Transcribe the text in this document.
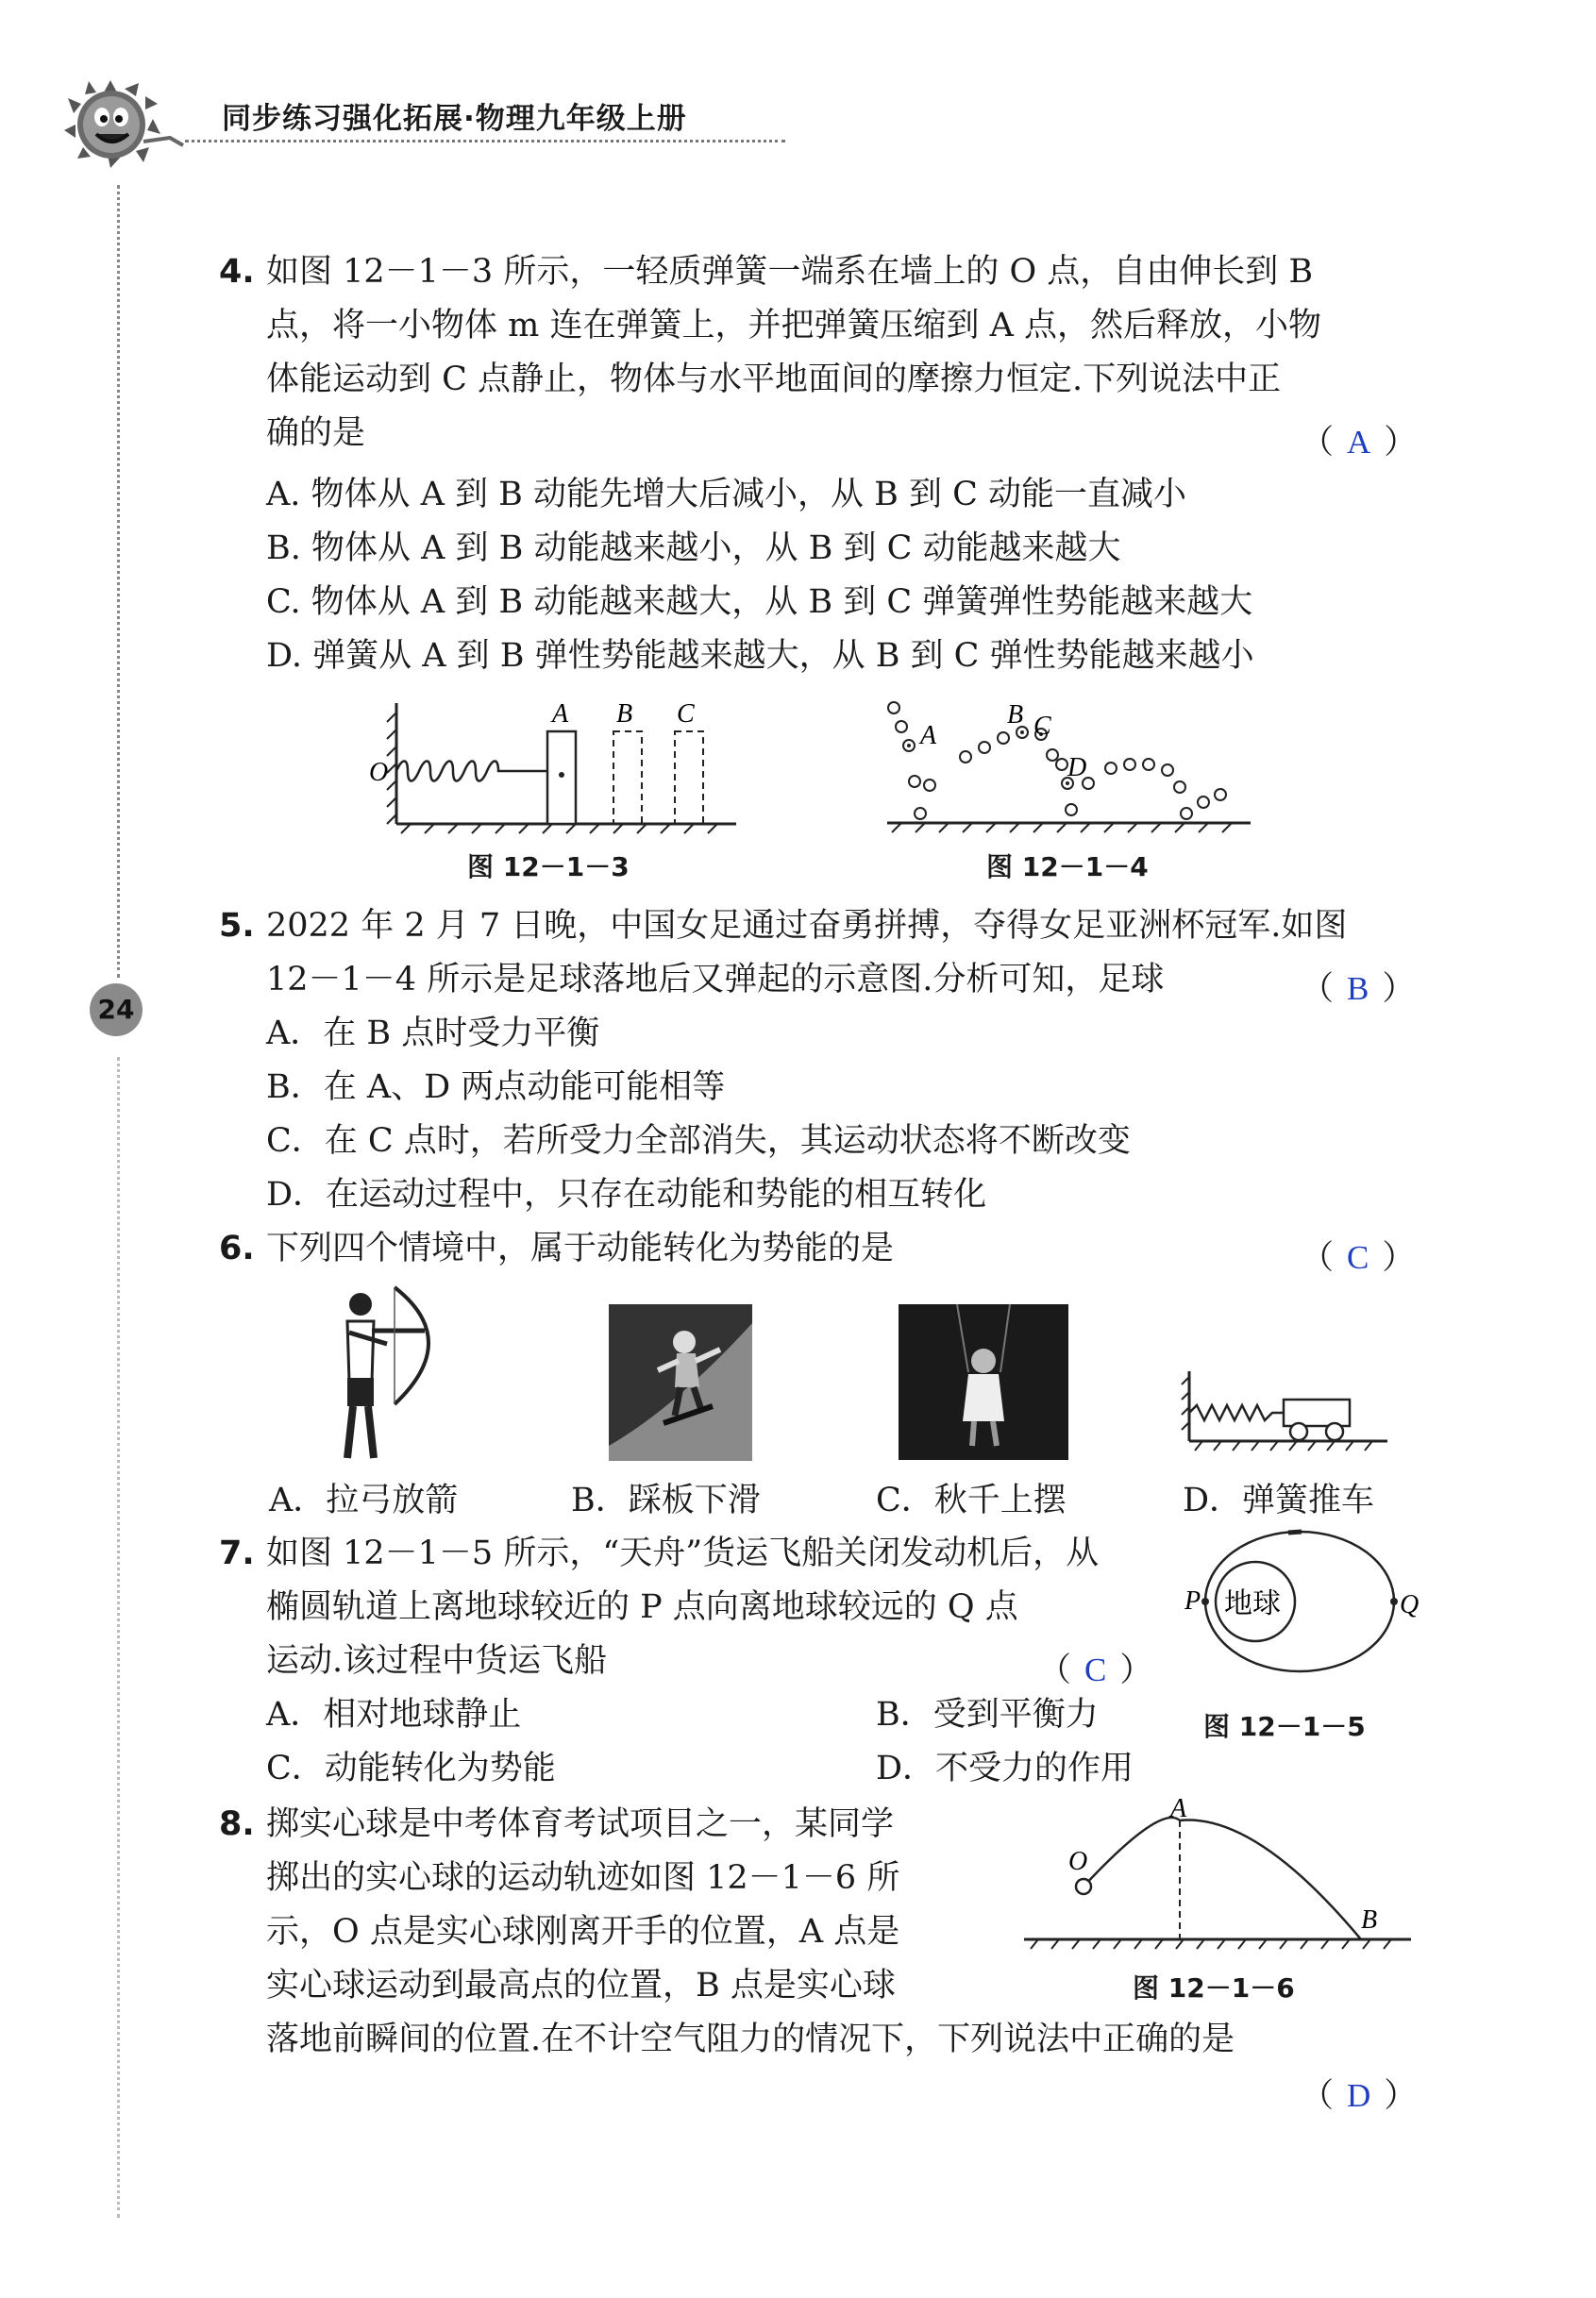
同步练习强化拓展·物理九年级上册
24
4. 如图 12－1－3 所示，一轻质弹簧一端系在墙上的 O 点，自由伸长到 B
点，将一小物体 m 连在弹簧上，并把弹簧压缩到 A 点，然后释放，小物
体能运动到 C 点静止，物体与水平地面间的摩擦力恒定.下列说法中正
确的是	（ A ）
A. 物体从 A 到 B 动能先增大后减小，从 B 到 C 动能一直减小
B. 物体从 A 到 B 动能越来越小，从 B 到 C 动能越来越大
C. 物体从 A 到 B 动能越来越大，从 B 到 C 弹簧弹性势能越来越大
D. 弹簧从 A 到 B 弹性势能越来越大，从 B 到 C 弹性势能越来越小
O
A B C
图 12－1－3
A
B C
D
图 12－1－4
5. 2022 年 2 月 7 日晚，中国女足通过奋勇拼搏，夺得女足亚洲杯冠军.如图
12－1－4 所示是足球落地后又弹起的示意图.分析可知，足球	（ B ）
A．在 B 点时受力平衡
B．在 A、D 两点动能可能相等
C．在 C 点时，若所受力全部消失，其运动状态将不断改变
D．在运动过程中，只存在动能和势能的相互转化
6. 下列四个情境中，属于动能转化为势能的是	（ C ）
A．拉弓放箭	B．踩板下滑	C．秋千上摆	D．弹簧推车
7. 如图 12－1－5 所示，“天舟”货运飞船关闭发动机后，从
椭圆轨道上离地球较近的 P 点向离地球较远的 Q 点
运动.该过程中货运飞船	（ C ）
A．相对地球静止	B．受到平衡力
C．动能转化为势能	D．不受力的作用
地球
P	Q
图 12－1－5
8. 掷实心球是中考体育考试项目之一，某同学
掷出的实心球的运动轨迹如图 12－1－6 所
示，O 点是实心球刚离开手的位置，A 点是
实心球运动到最高点的位置，B 点是实心球
落地前瞬间的位置.在不计空气阻力的情况下，下列说法中正确的是
（ D ）
O
A
B
图 12－1－6
